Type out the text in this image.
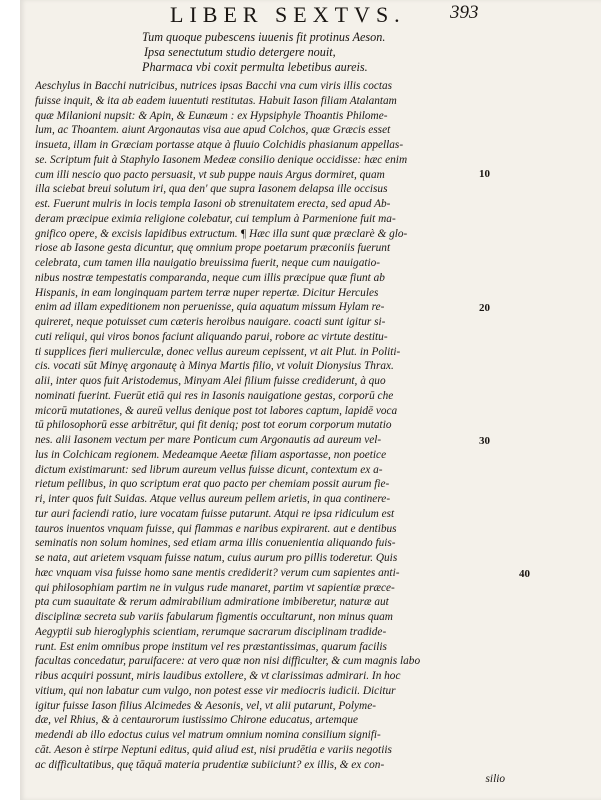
LIBER SEXTVS. 393
Tum quoque pubescens iuuenis fit protinus Aeson.
Ipsa senectutum studio detergere nouit,
Pharmaca vbi coxit permulta lebetibus aureis.
Aeschylus in Bacchi nutricibus, nutrices ipsas Bacchi vna cum viris illis coctas
fuisse inquit, & ita ab eadem iuuentuti restitutas. Habuit Iason filiam Atalantam
quæ Milanioni nupsit: & Apin, & Eunæum : ex Hypsiphyle Thoantis Philome-
lum, ac Thoantem. aiunt Argonautas visa aue apud Colchos, quæ Græcis esset
insueta, illam in Græciam portasse atque à fluuio Colchidis phasianum appellas-
se. Scriptum fuit à Staphylo Iasonem Medeæ consilio denique occidisse: hæc enim
cum illi nescio quo pacto persuasit, vt sub puppe nauis Argus dormiret, quam
illa sciebat breui solutum iri, qua den' que supra Iasonem delapsa ille occisus
est. Fuerunt mulris in locis templa Iasoni ob strenuitatem erecta, sed apud Ab-
deram præcipue eximia religione colebatur, cui templum à Parmenione fuit ma-
gnifico opere, & excisis lapidibus extructum. ¶ Hæc illa sunt quæ præclarè & glo-
riose ab Iasone gesta dicuntur, quę omnium prope poetarum præconiis fuerunt
celebrata, cum tamen illa nauigatio breuissima fuerit, neque cum nauigatio-
nibus nostræ tempestatis comparanda, neque cum illis præcipue quæ fiunt ab
Hispanis, in eam longinquam partem terræ nuper repertæ. Dicitur Hercules
enim ad illam expeditionem non peruenisse, quia aquatum missum Hylam re-
quireret, neque potuisset cum cæteris heroibus nauigare. coacti sunt igitur si-
cuti reliqui, qui viros bonos faciunt aliquando parui, robore ac virtute destitu-
ti supplices fieri mulierculæ, donec vellus aureum cepissent, vt ait Plut. in Politi-
cis. vocati sūt Minyę argonautę à Minya Martis filio, vt voluit Dionysius Thrax.
alii, inter quos fuit Aristodemus, Minyam Alei filium fuisse crediderunt, à quo
nominati fuerint. Fuerūt etiā qui res in Iasonis nauigatione gestas, corporū che
micorū mutationes, & aureū vellus denique post tot labores captum, lapidē voca
tū philosophorū esse arbitrētur, qui fit deniq; post tot eorum corporum mutatio
nes. alii Iasonem vectum per mare Ponticum cum Argonautis ad aureum vel-
lus in Colchicam regionem. Medeamque Aeetæ filiam asportasse, non poetice
dictum existimarunt: sed librum aureum vellus fuisse dicunt, contextum ex a-
rietum pellibus, in quo scriptum erat quo pacto per chemiam possit aurum fie-
ri, inter quos fuit Suidas. Atque vellus aureum pellem arietis, in qua continere-
tur auri faciendi ratio, iure vocatam fuisse putarunt. Atqui re ipsa ridiculum est
tauros inuentos vnquam fuisse, qui flammas e naribus expirarent. aut e dentibus
seminatis non solum homines, sed etiam arma illis conuenientia aliquando fuis-
se nata, aut arietem vsquam fuisse natum, cuius aurum pro pillis toderetur. Quis
hæc vnquam visa fuisse homo sane mentis crediderit? verum cum sapientes anti-
qui philosophiam partim ne in vulgus rude manaret, partim vt sapientiæ præce-
pta cum suauitate & rerum admirabilium admiratione imbiberetur, naturæ aut
disciplinæ secreta sub variis fabularum figmentis occultarunt, non minus quam
Aegyptii sub hieroglyphis scientiam, rerumque sacrarum disciplinam tradide-
runt. Est enim omnibus prope institum vel res præstantissimas, quarum facilis
facultas concedatur, paruifacere: at vero quæ non nisi difficulter, & cum magnis labo
ribus acquiri possunt, miris laudibus extollere, & vt clarissimas admirari. In hoc
vitium, qui non labatur cum vulgo, non potest esse vir mediocris iudicii. Dicitur
igitur fuisse Iason filius Alcimedes & Aesonis, vel, vt alii putarunt, Polyme-
dæ, vel Rhius, & à centaurorum iustissimo Chirone educatus, artemque
medendi ab illo edoctus cuius vel matrum omnium nomina consilium signifi-
cāt. Aeson è stirpe Neptuni editus, quid aliud est, nisi prudētia e variis negotiis
ac difficultatibus, quę tāquā materia prudentiæ subiiciunt? ex illis, & ex con-
silio
10
20
30
40
